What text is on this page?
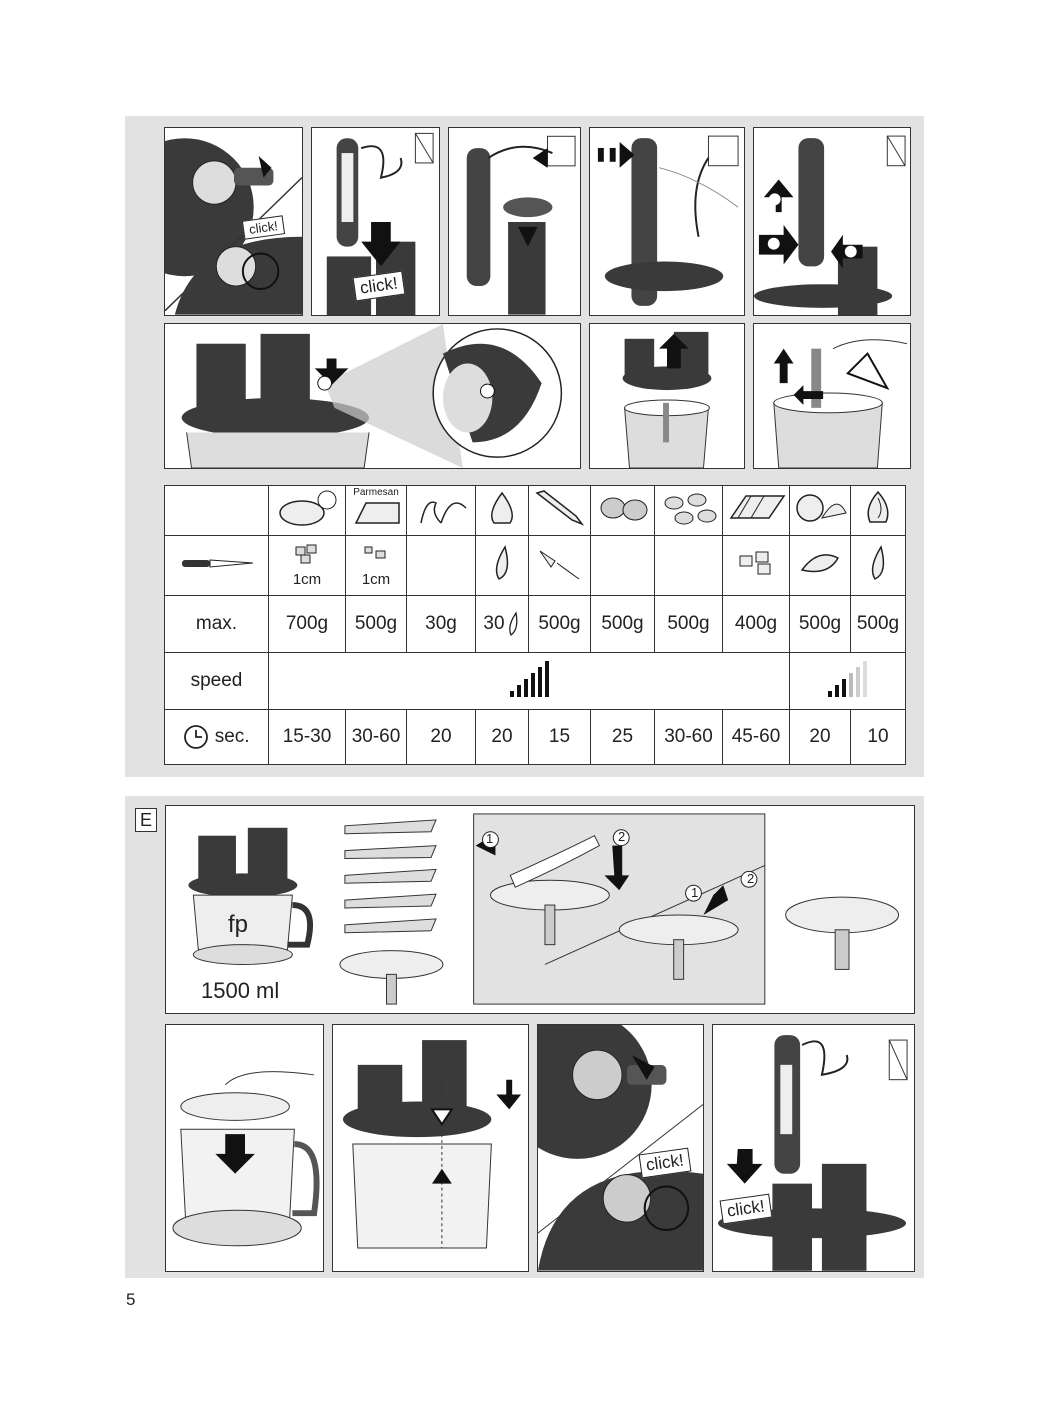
click!
click!

Parmesan

1cm	1cm

max.	700g	500g	30g	30	500g	500g	500g	400g	500g	500g
speed									

sec.	15-30	30-60	20	20	15	25	30-60	45-60	20	10
E
fp
1500 ml
1	2
1
2
click!
click!
5
